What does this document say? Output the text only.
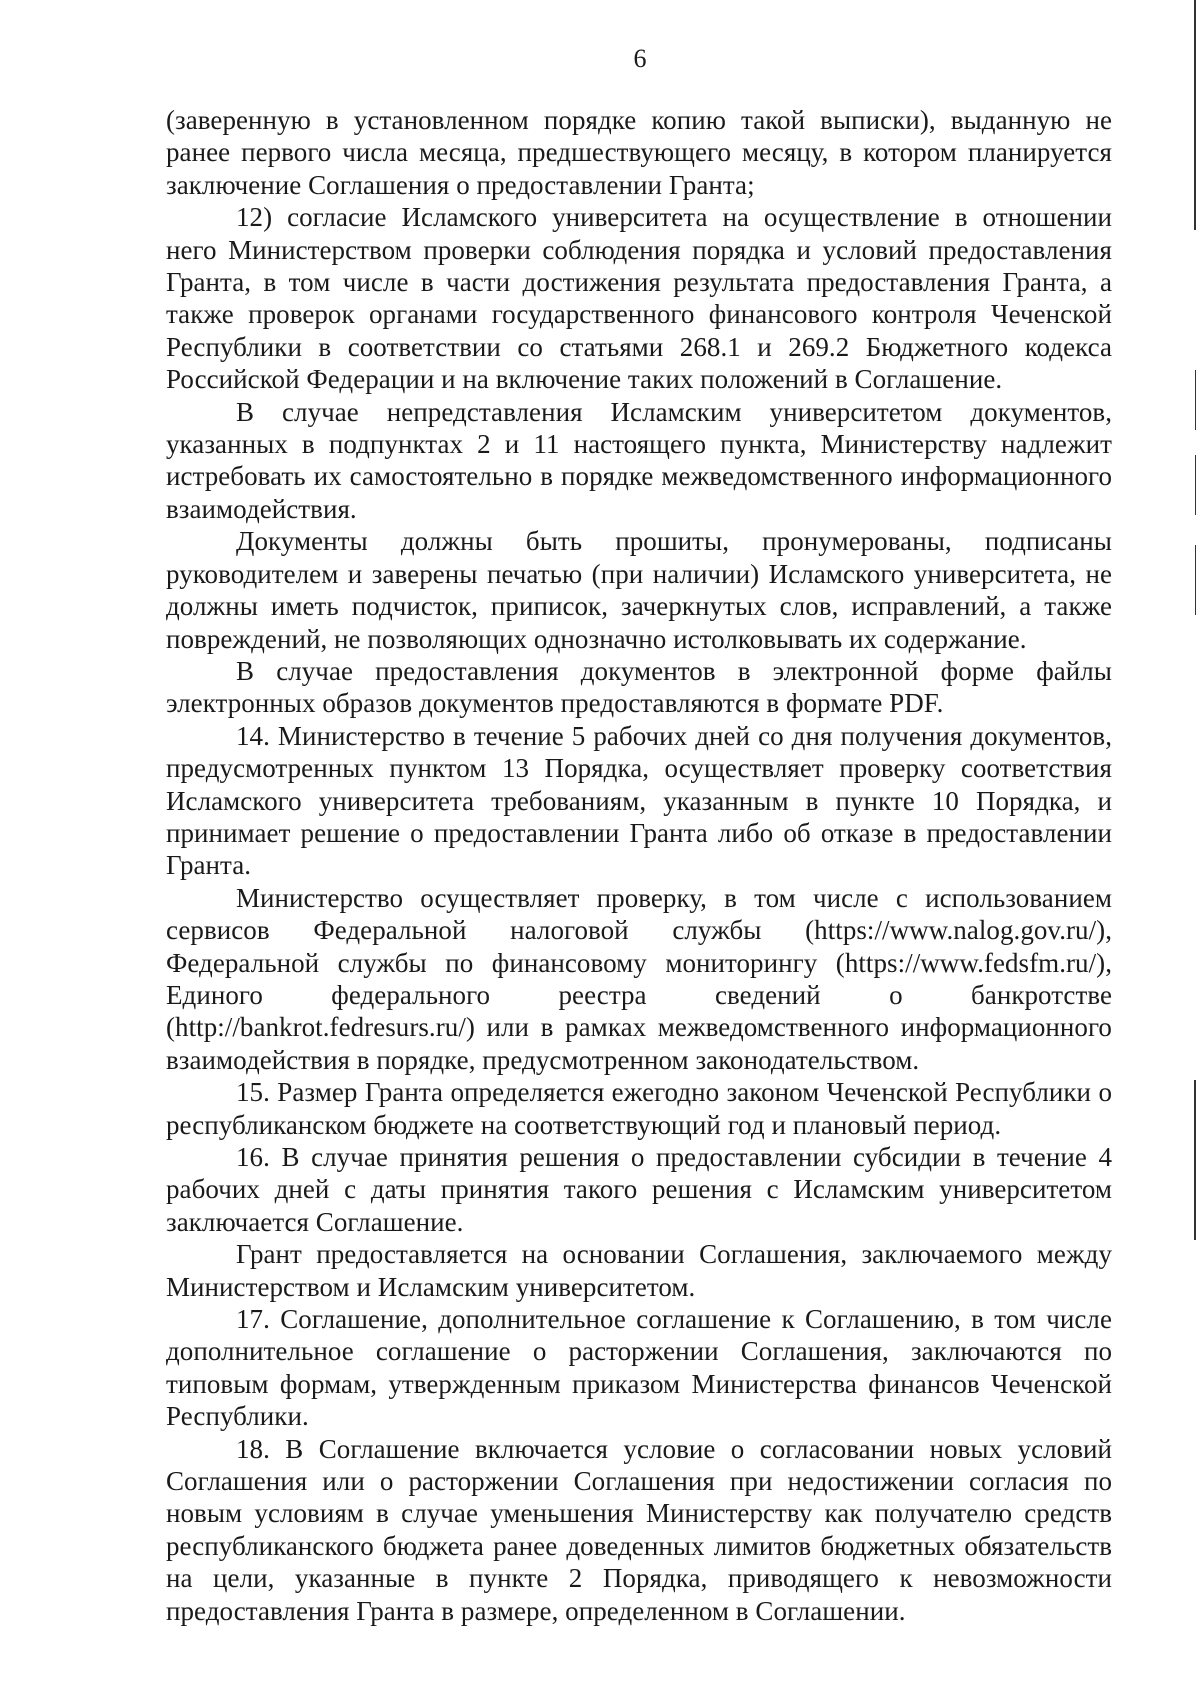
6

(заверенную в установленном порядке копию такой выписки), выданную не ранее первого числа месяца, предшествующего месяцу, в котором планируется заключение Соглашения о предоставлении Гранта;

12) согласие Исламского университета на осуществление в отношении него Министерством проверки соблюдения порядка и условий предоставления Гранта, в том числе в части достижения результата предоставления Гранта, а также проверок органами государственного финансового контроля Чеченской Республики в соответствии со статьями 268.1 и 269.2 Бюджетного кодекса Российской Федерации и на включение таких положений в Соглашение.

В случае непредставления Исламским университетом документов, указанных в подпунктах 2 и 11 настоящего пункта, Министерству надлежит истребовать их самостоятельно в порядке межведомственного информационного взаимодействия.

Документы должны быть прошиты, пронумерованы, подписаны руководителем и заверены печатью (при наличии) Исламского университета, не должны иметь подчисток, приписок, зачеркнутых слов, исправлений, а также повреждений, не позволяющих однозначно истолковывать их содержание.

В случае предоставления документов в электронной форме файлы электронных образов документов предоставляются в формате PDF.

14. Министерство в течение 5 рабочих дней со дня получения документов, предусмотренных пунктом 13 Порядка, осуществляет проверку соответствия Исламского университета требованиям, указанным в пункте 10 Порядка, и принимает решение о предоставлении Гранта либо об отказе в предоставлении Гранта.

Министерство осуществляет проверку, в том числе с использованием сервисов Федеральной налоговой службы (https://www.nalog.gov.ru/), Федеральной службы по финансовому мониторингу (https://www.fedsfm.ru/), Единого федерального реестра сведений о банкротстве (http://bankrot.fedresurs.ru/) или в рамках межведомственного информационного взаимодействия в порядке, предусмотренном законодательством.

15. Размер Гранта определяется ежегодно законом Чеченской Республики о республиканском бюджете на соответствующий год и плановый период.

16. В случае принятия решения о предоставлении субсидии в течение 4 рабочих дней с даты принятия такого решения с Исламским университетом заключается Соглашение.

Грант предоставляется на основании Соглашения, заключаемого между Министерством и Исламским университетом.

17. Соглашение, дополнительное соглашение к Соглашению, в том числе дополнительное соглашение о расторжении Соглашения, заключаются по типовым формам, утвержденным приказом Министерства финансов Чеченской Республики.

18. В Соглашение включается условие о согласовании новых условий Соглашения или о расторжении Соглашения при недостижении согласия по новым условиям в случае уменьшения Министерству как получателю средств республиканского бюджета ранее доведенных лимитов бюджетных обязательств на цели, указанные в пункте 2 Порядка, приводящего к невозможности предоставления Гранта в размере, определенном в Соглашении.
